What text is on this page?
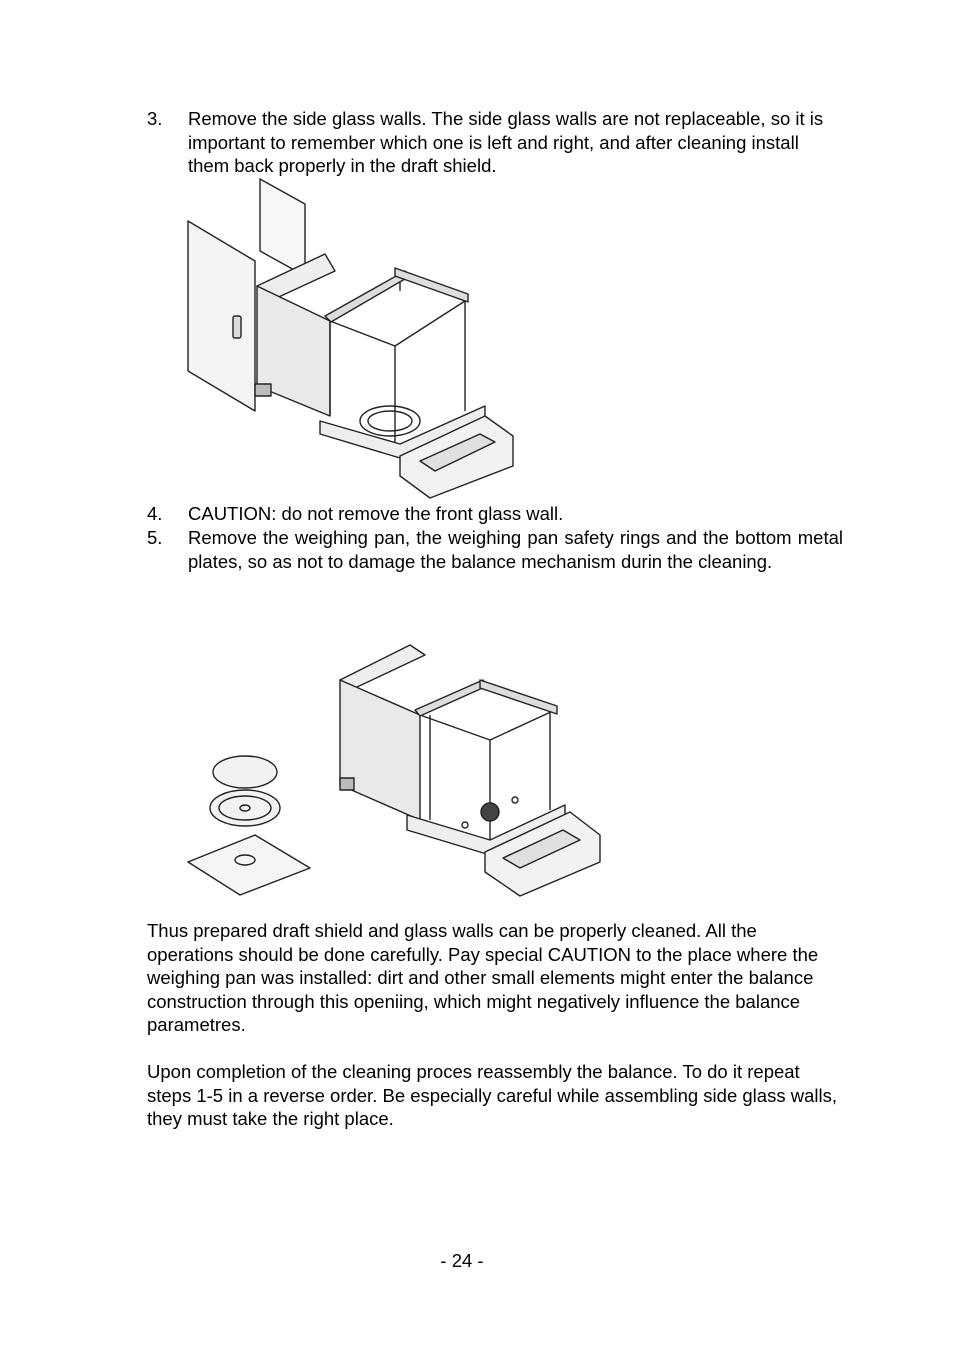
3. Remove the side glass walls. The side glass walls are not replaceable, so it is important to remember which one is left and right, and after cleaning install them back properly in the draft shield.
4. CAUTION: do not remove the front glass wall.
5. Remove the weighing pan, the weighing pan safety rings and the bottom metal plates, so as not to damage the balance mechanism durin the cleaning.
Thus prepared draft shield and glass walls can be properly cleaned. All the operations should be done carefully. Pay special CAUTION to the place where the weighing pan was installed: dirt and other small elements might enter the balance construction through this openiing, which might negatively influence the balance parametres.
Upon completion of the cleaning proces reassembly the balance. To do it repeat steps 1-5 in a reverse order. Be especially careful while assembling side glass walls, they must take the right place.
- 24 -
